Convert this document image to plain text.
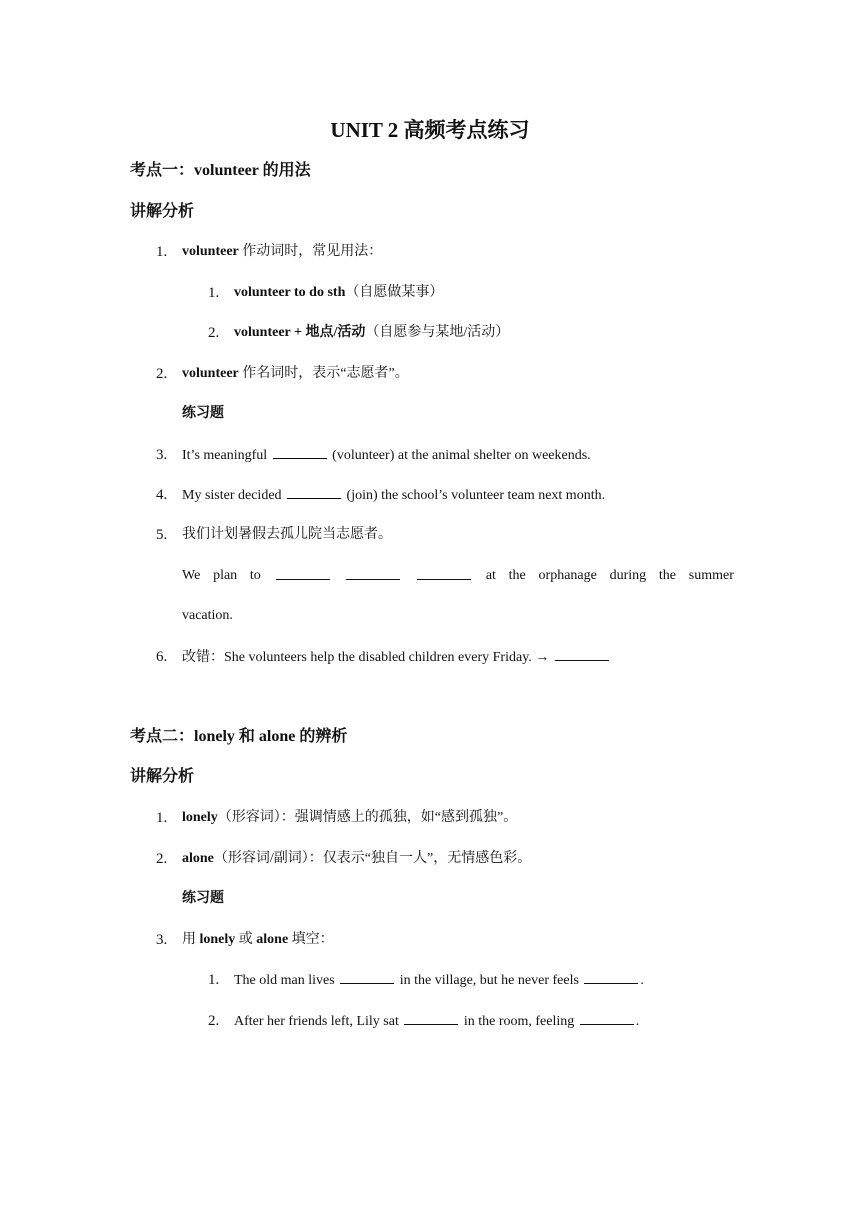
UNIT 2 高频考点练习
考点一：volunteer 的用法
讲解分析
1. volunteer 作动词时，常见用法：
1. volunteer to do sth（自愿做某事）
2. volunteer + 地点/活动（自愿参与某地/活动）
2. volunteer 作名词时，表示“志愿者”。
练习题
3. It’s meaningful	(volunteer) at the animal shelter on weekends.
4. My sister decided	(join) the school’s volunteer team next month.
5. 我们计划暑假去孤儿院当志愿者。
We plan to	at the orphanage during the summer
vacation.
6. 改错：She volunteers help the disabled children every Friday. →
考点二：lonely 和 alone 的辨析
讲解分析
1. lonely（形容词）：强调情感上的孤独，如“感到孤独”。
2. alone（形容词/副词）：仅表示“独自一人”，无情感色彩。
练习题
3. 用 lonely 或 alone 填空：
1. The old man lives	in the village, but he never feels	.
2. After her friends left, Lily sat	in the room, feeling	.
